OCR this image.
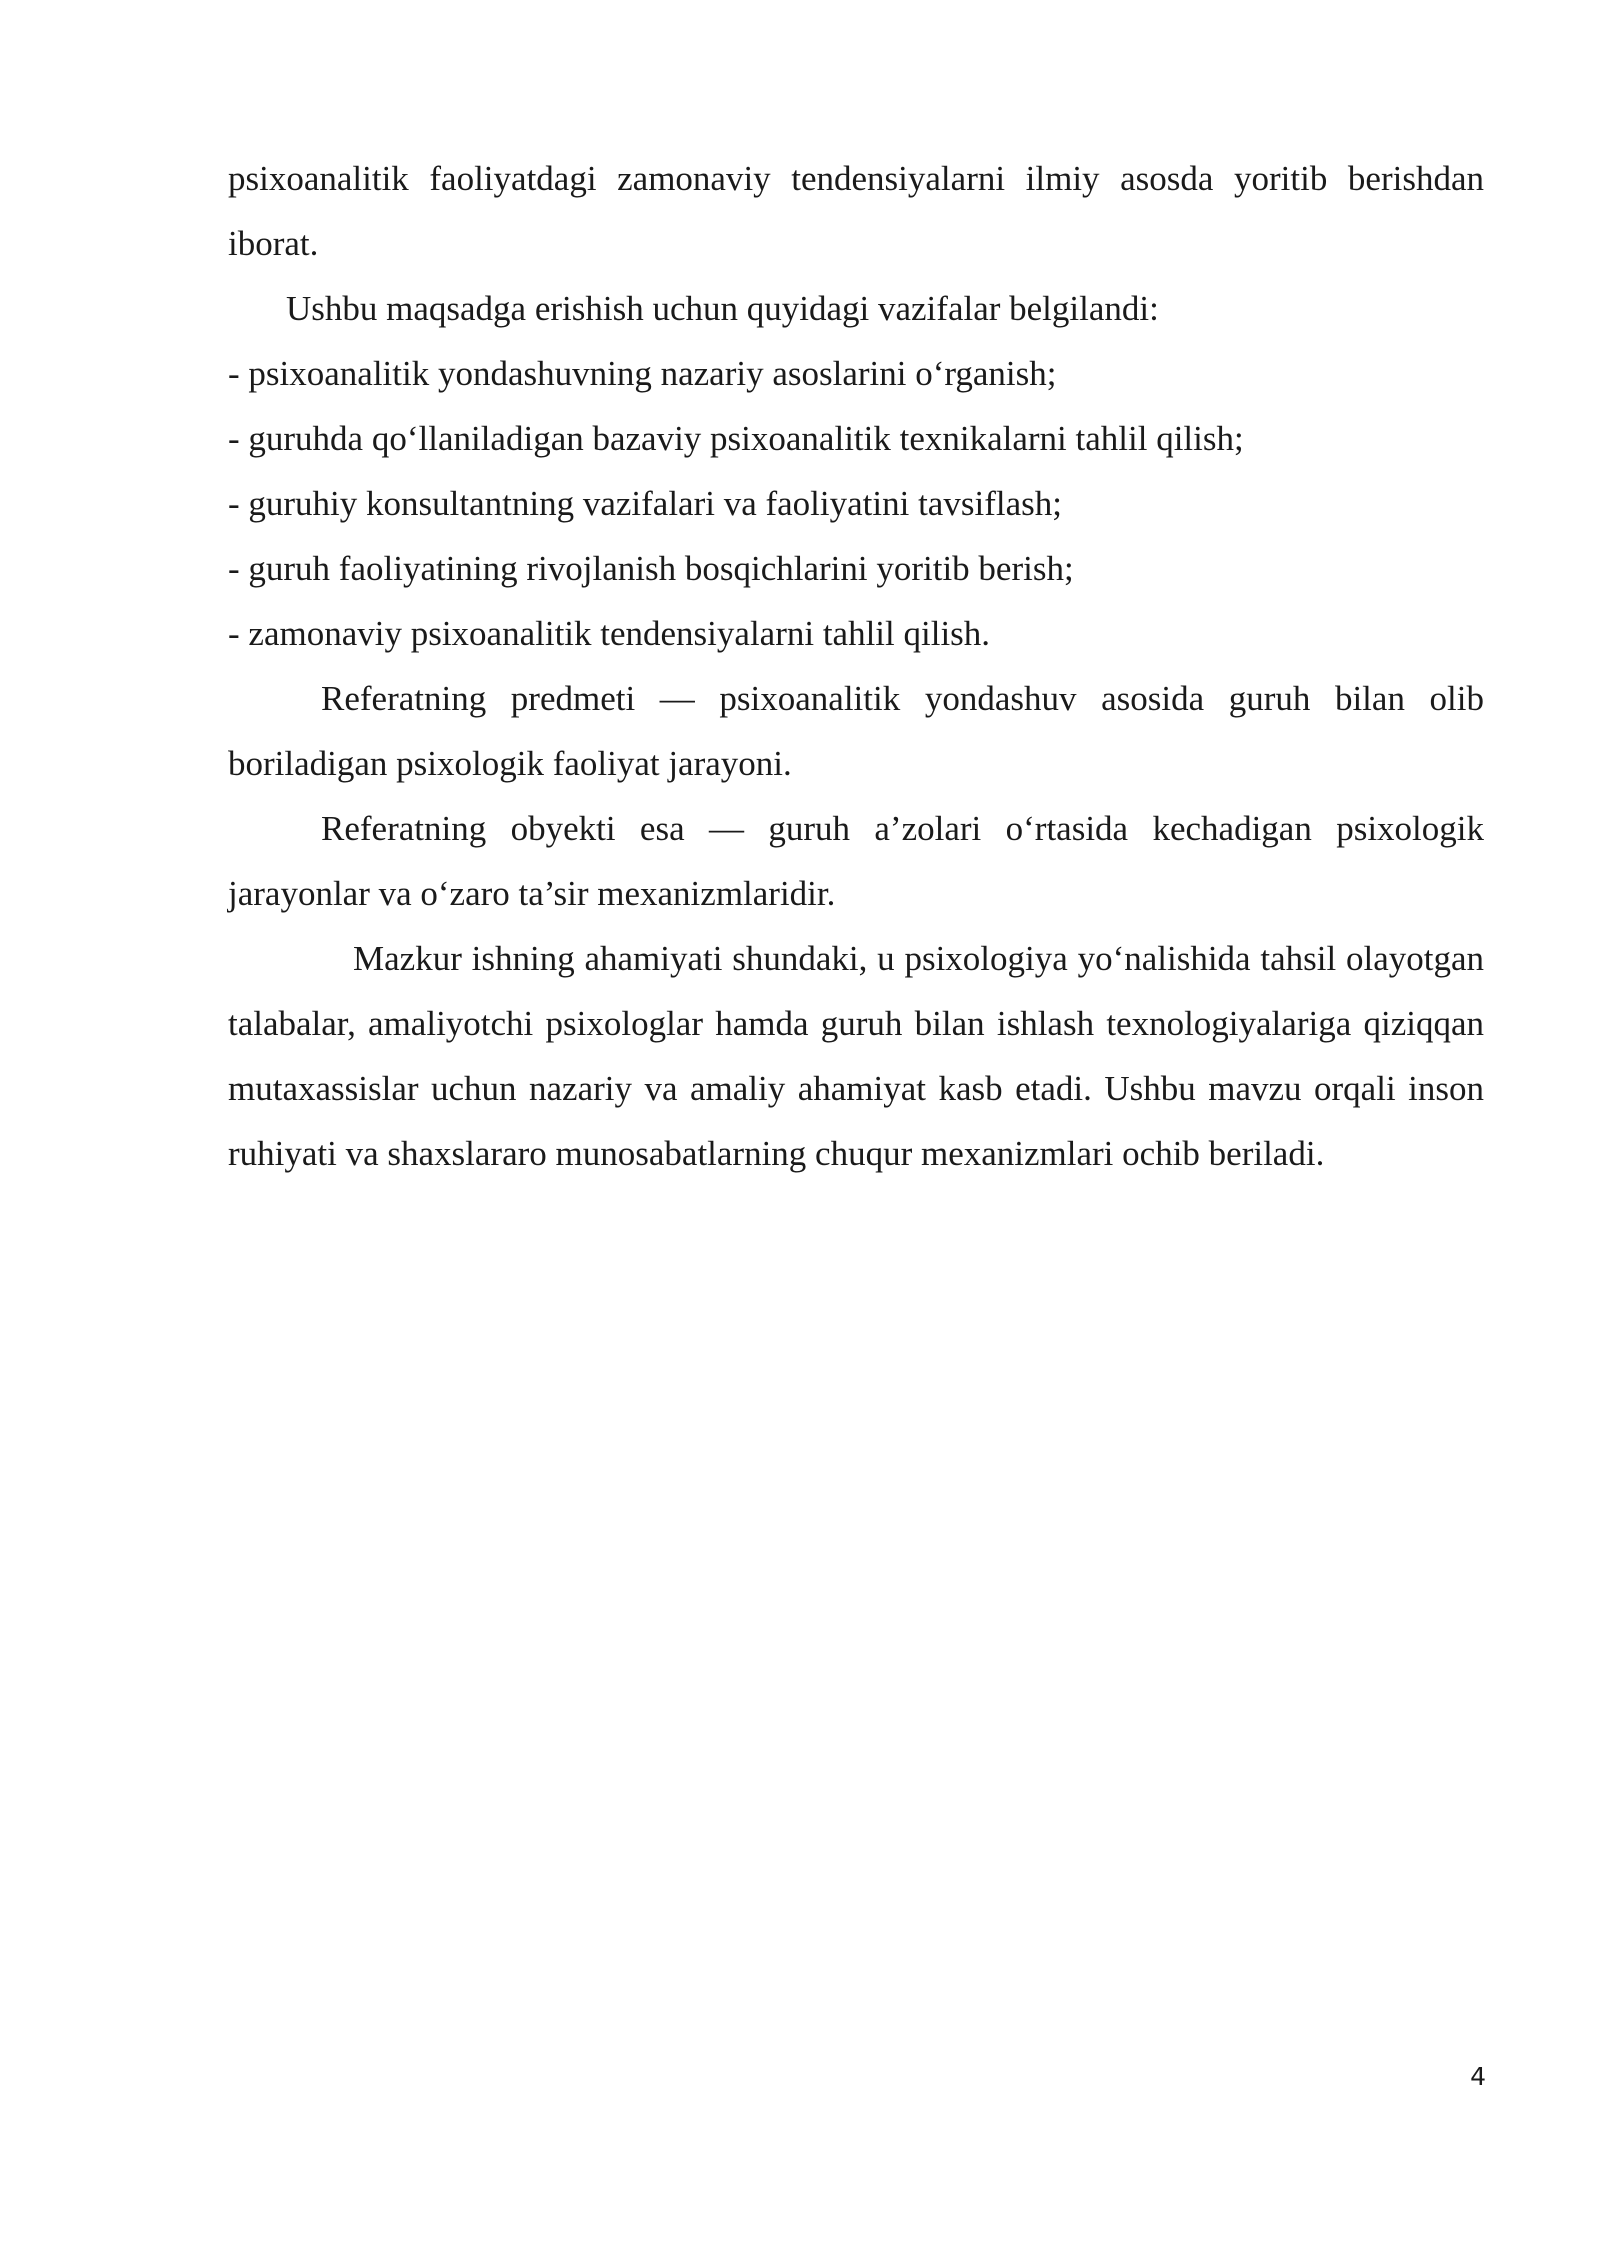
psixoanalitik faoliyatdagi zamonaviy tendensiyalarni ilmiy asosda yoritib berishdan iborat.

Ushbu maqsadga erishish uchun quyidagi vazifalar belgilandi:

- psixoanalitik yondashuvning nazariy asoslarini o‘rganish;

- guruhda qo‘llaniladigan bazaviy psixoanalitik texnikalarni tahlil qilish;

- guruhiy konsultantning vazifalari va faoliyatini tavsiflash;

- guruh faoliyatining rivojlanish bosqichlarini yoritib berish;

- zamonaviy psixoanalitik tendensiyalarni tahlil qilish.

Referatning predmeti — psixoanalitik yondashuv asosida guruh bilan olib boriladigan psixologik faoliyat jarayoni.

Referatning obyekti esa — guruh a’zolari o‘rtasida kechadigan psixologik jarayonlar va o‘zaro ta’sir mexanizmlaridir.

Mazkur ishning ahamiyati shundaki, u psixologiya yo‘nalishida tahsil olayotgan talabalar, amaliyotchi psixologlar hamda guruh bilan ishlash texnologiyalariga qiziqqan mutaxassislar uchun nazariy va amaliy ahamiyat kasb etadi. Ushbu mavzu orqali inson ruhiyati va shaxslararo munosabatlarning chuqur mexanizmlari ochib beriladi.

4
